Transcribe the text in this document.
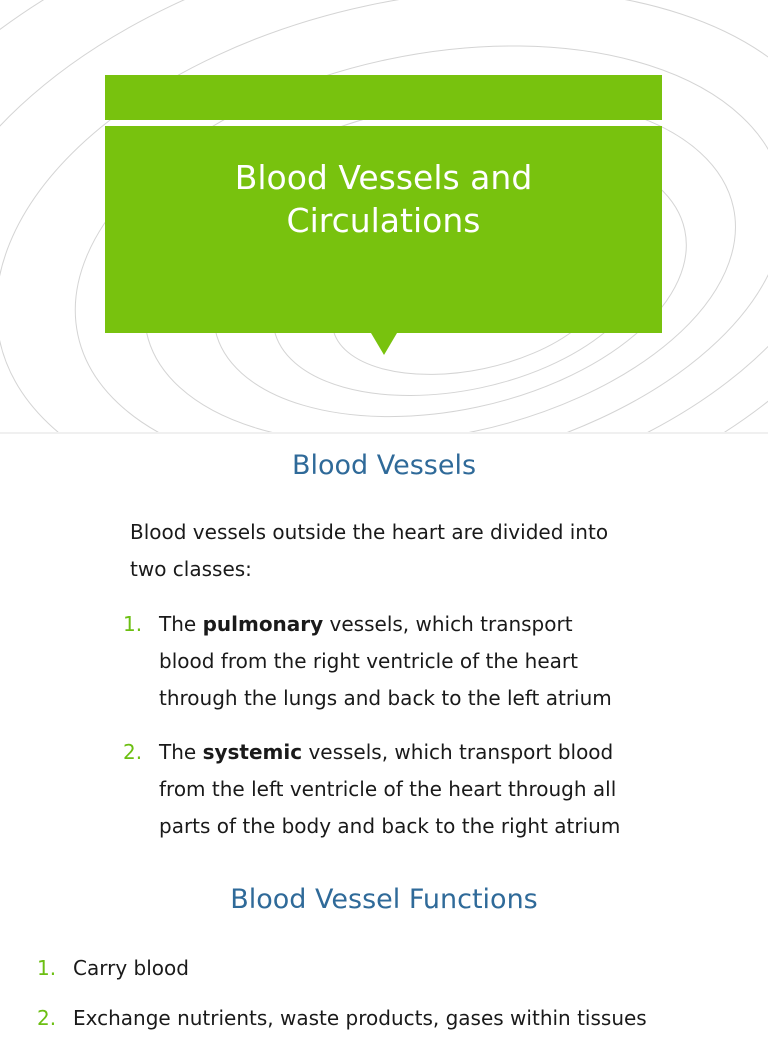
Blood Vessels and
Circulations
Blood Vessels
Blood vessels outside the heart are divided into
two classes:
1. The pulmonary vessels, which transport
blood from the right ventricle of the heart
through the lungs and back to the left atrium
2. The systemic vessels, which transport blood
from the left ventricle of the heart through all
parts of the body and back to the right atrium
Blood Vessel Functions
1. Carry blood
2. Exchange nutrients, waste products, gases within tissues
